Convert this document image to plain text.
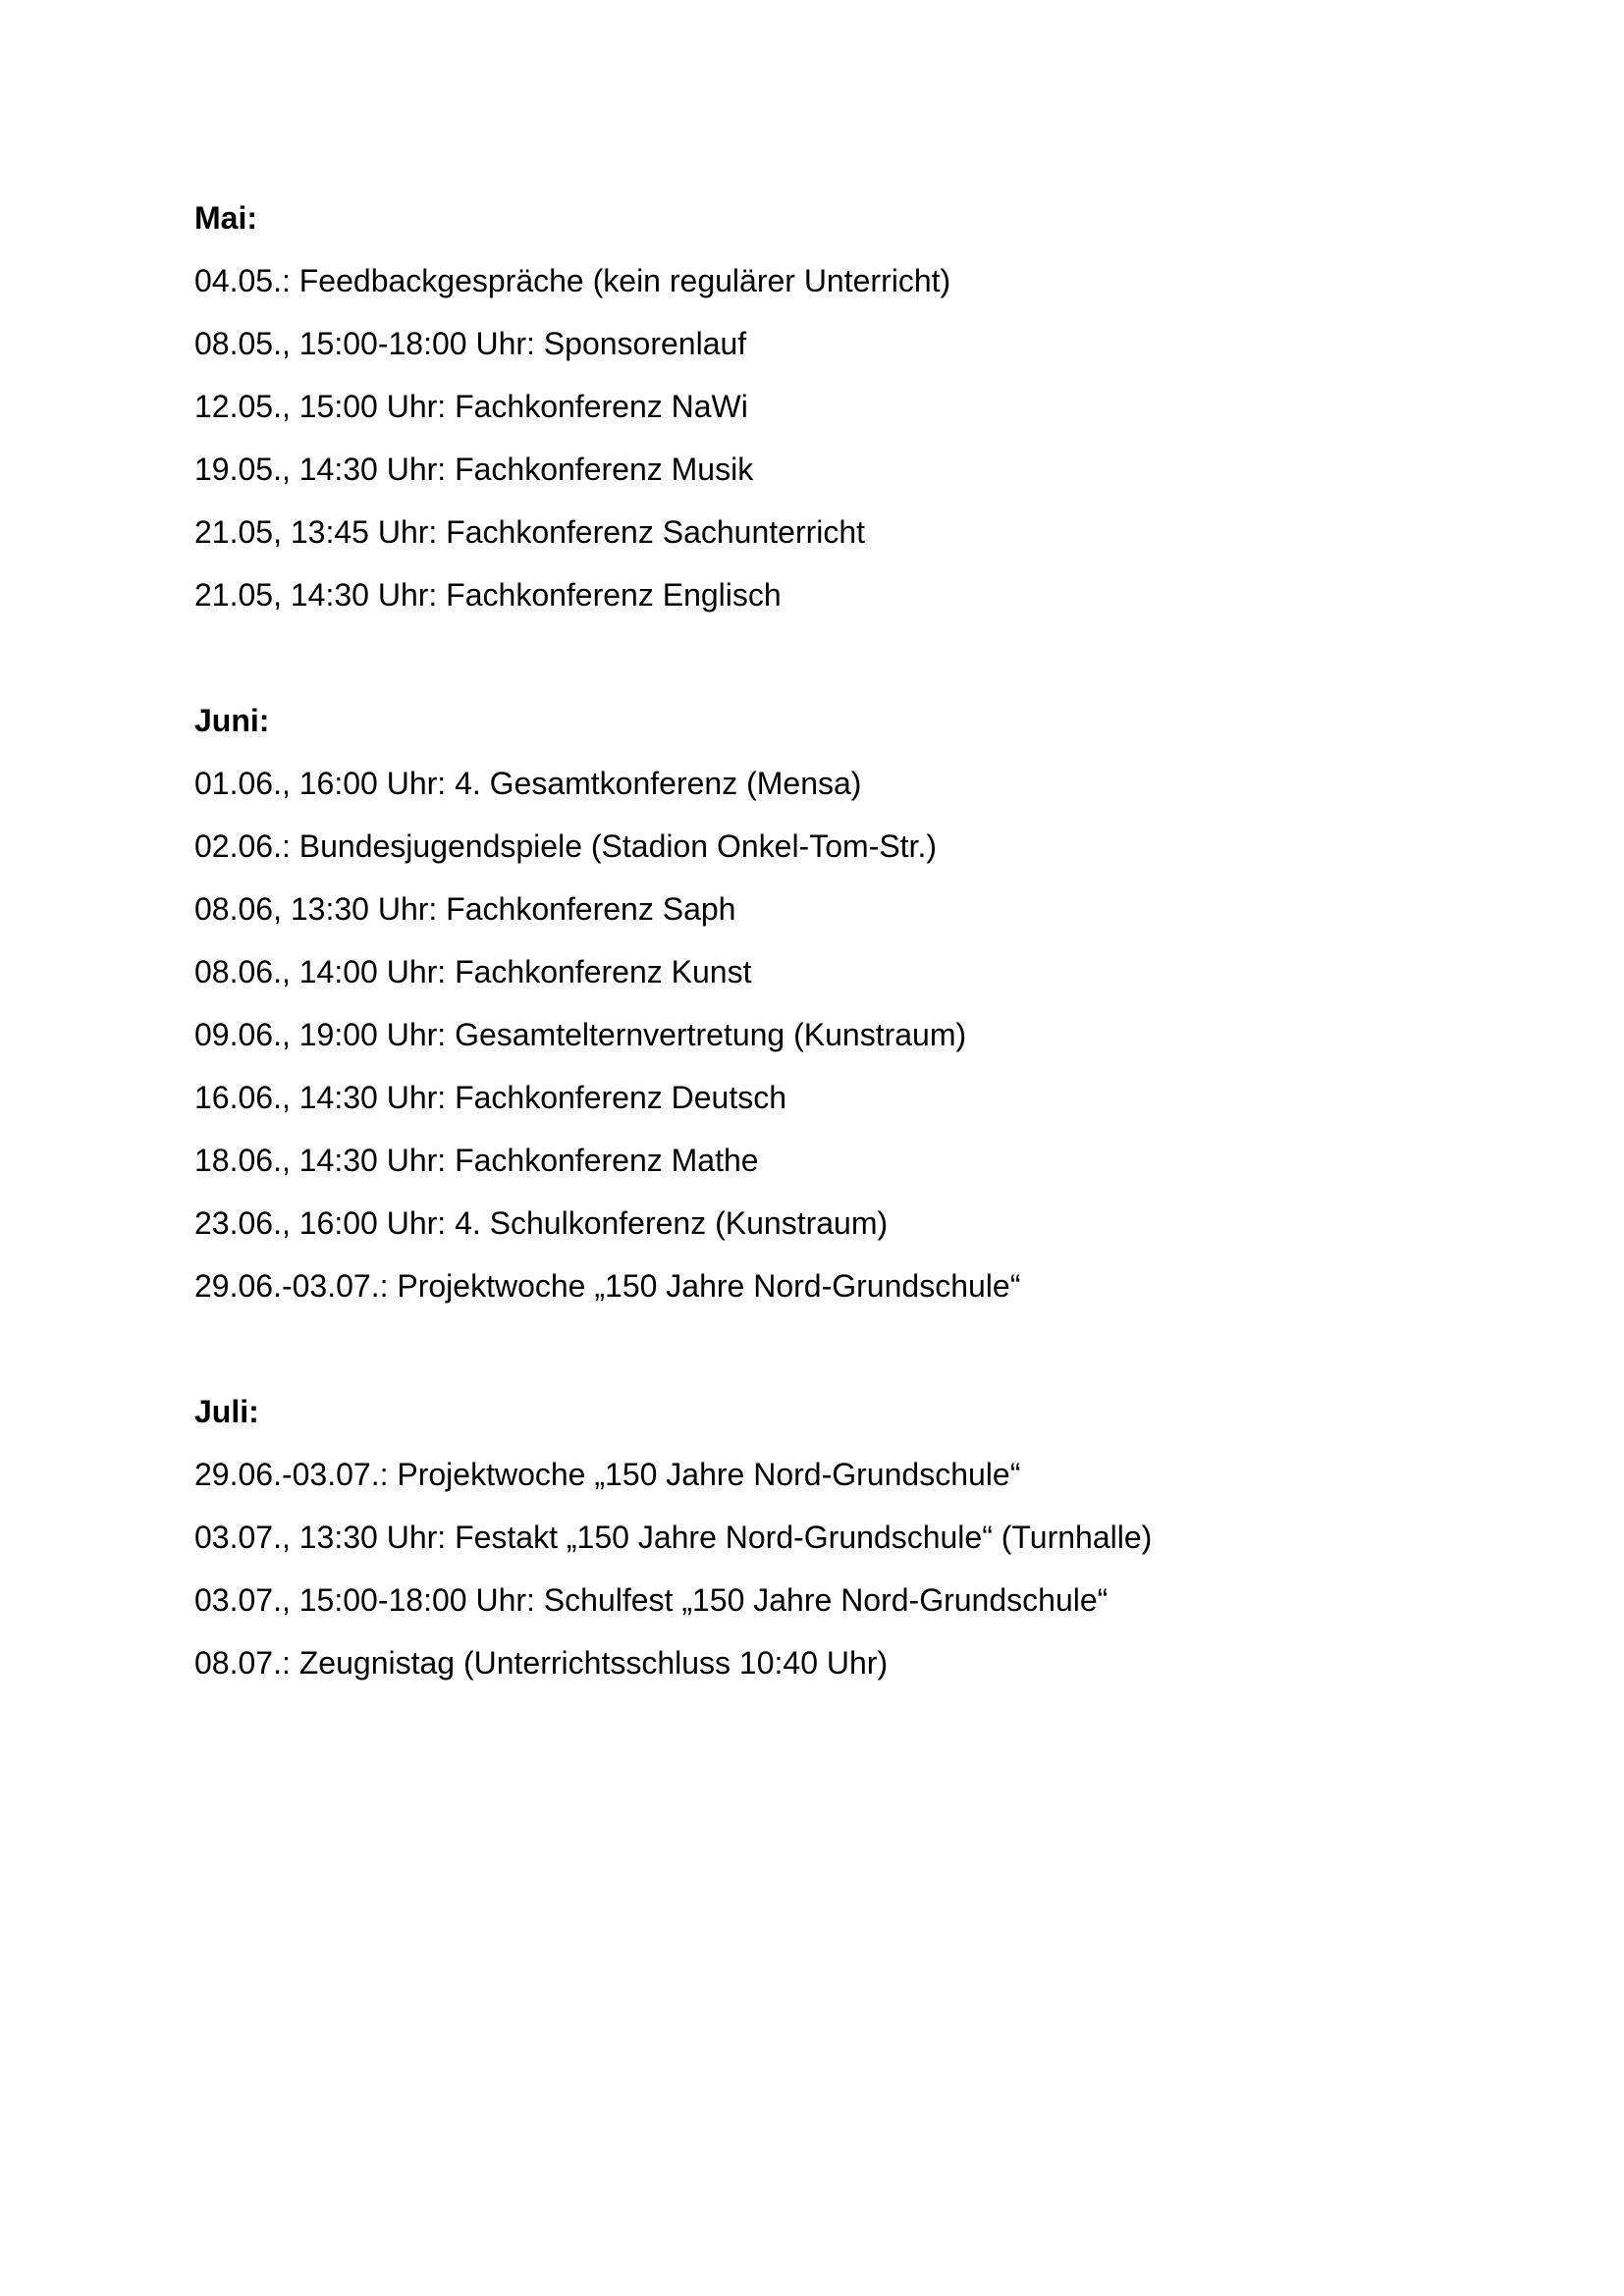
Mai:
04.05.: Feedbackgespräche (kein regulärer Unterricht)
08.05., 15:00-18:00 Uhr: Sponsorenlauf
12.05., 15:00 Uhr: Fachkonferenz NaWi
19.05., 14:30 Uhr: Fachkonferenz Musik
21.05, 13:45 Uhr: Fachkonferenz Sachunterricht
21.05, 14:30 Uhr: Fachkonferenz Englisch
Juni:
01.06., 16:00 Uhr: 4. Gesamtkonferenz (Mensa)
02.06.: Bundesjugendspiele (Stadion Onkel-Tom-Str.)
08.06, 13:30 Uhr: Fachkonferenz Saph
08.06., 14:00 Uhr: Fachkonferenz Kunst
09.06., 19:00 Uhr: Gesamtelternvertretung (Kunstraum)
16.06., 14:30 Uhr: Fachkonferenz Deutsch
18.06., 14:30 Uhr: Fachkonferenz Mathe
23.06., 16:00 Uhr: 4. Schulkonferenz (Kunstraum)
29.06.-03.07.: Projektwoche „150 Jahre Nord-Grundschule“
Juli:
29.06.-03.07.: Projektwoche „150 Jahre Nord-Grundschule“
03.07., 13:30 Uhr: Festakt „150 Jahre Nord-Grundschule“ (Turnhalle)
03.07., 15:00-18:00 Uhr: Schulfest „150 Jahre Nord-Grundschule“
08.07.: Zeugnistag (Unterrichtsschluss 10:40 Uhr)
